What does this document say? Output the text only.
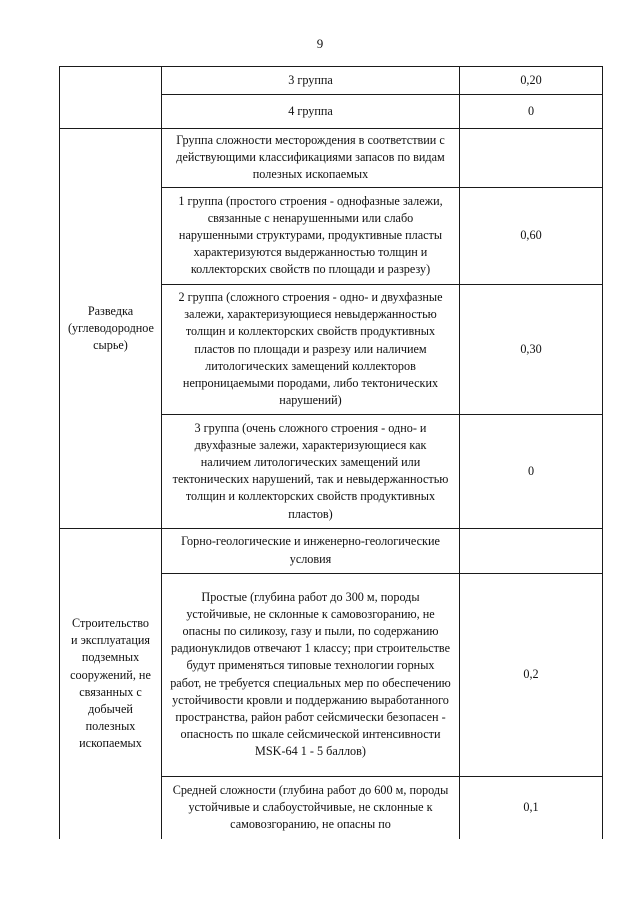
9
	3 группа	0,20
	4 группа	0
Разведка (углеводородное сырье)	Группа сложности месторождения в соответствии с действующими классификациями запасов по видам полезных ископаемых	
	1 группа (простого строения - однофазные залежи, связанные с ненарушенными или слабо нарушенными структурами, продуктивные пласты характеризуются выдержанностью толщин и коллекторских свойств по площади и разрезу)	0,60
	2 группа (сложного строения - одно- и двухфазные залежи, характеризующиеся невыдержанностью толщин и коллекторских свойств продуктивных пластов по площади и разрезу или наличием литологических замещений коллекторов непроницаемыми породами, либо тектонических нарушений)	0,30
	3 группа (очень сложного строения - одно- и двухфазные залежи, характеризующиеся как наличием литологических замещений или тектонических нарушений, так и невыдержанностью толщин и коллекторских свойств продуктивных пластов)	0
Строительство и эксплуатация подземных сооружений, не связанных с добычей полезных ископаемых	Горно-геологические и инженерно-геологические условия	
	Простые (глубина работ до 300 м, породы устойчивые, не склонные к самовозгоранию, не опасны по силикозу, газу и пыли, по содержанию радионуклидов отвечают 1 классу; при строительстве будут применяться типовые технологии горных работ, не требуется специальных мер по обеспечению устойчивости кровли и поддержанию выработанного пространства, район работ сейсмически безопасен - опасность по шкале сейсмической интенсивности MSK-64 1 - 5 баллов)	0,2
	Средней сложности (глубина работ до 600 м, породы устойчивые и слабоустойчивые, не склонные к самовозгоранию, не опасны по	0,1
